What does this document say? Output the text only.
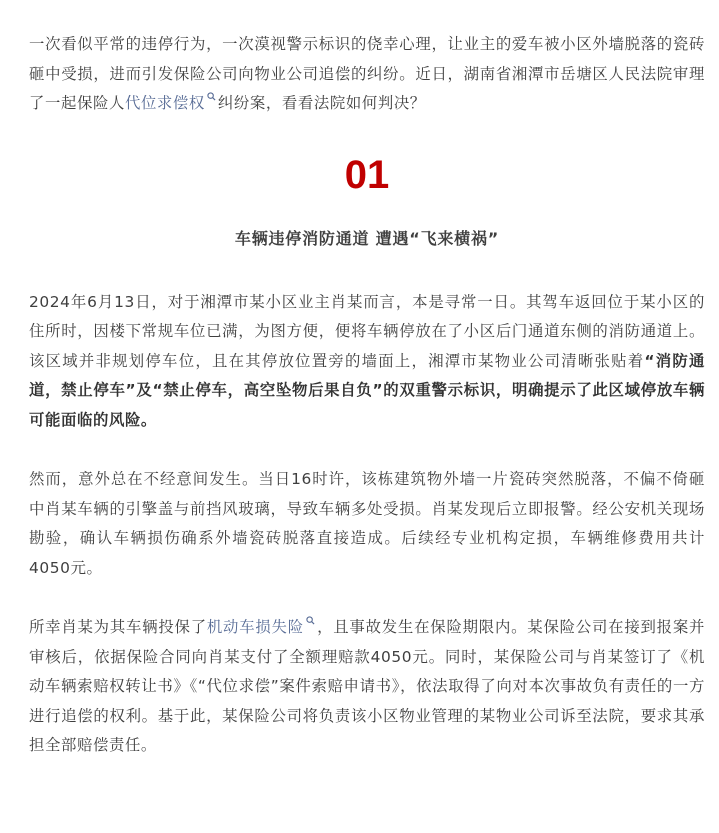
一次看似平常的违停行为，一次漠视警示标识的侥幸心理，让业主的爱车被小区外墙脱落的瓷砖砸中受损，进而引发保险公司向物业公司追偿的纠纷。近日，湖南省湘潭市岳塘区人民法院审理了一起保险人代位求偿权 纠纷案，看看法院如何判决？

01
车辆违停消防通道 遭遇“飞来横祸”

2024年6月13日，对于湘潭市某小区业主肖某而言，本是寻常一日。其驾车返回位于某小区的住所时，因楼下常规车位已满，为图方便，便将车辆停放在了小区后门通道东侧的消防通道上。该区域并非规划停车位，且在其停放位置旁的墙面上，湘潭市某物业公司清晰张贴着“消防通道，禁止停车”及“禁止停车，高空坠物后果自负”的双重警示标识，明确提示了此区域停放车辆可能面临的风险。

然而，意外总在不经意间发生。当日16时许，该栋建筑物外墙一片瓷砖突然脱落，不偏不倚砸中肖某车辆的引擎盖与前挡风玻璃，导致车辆多处受损。肖某发现后立即报警。经公安机关现场勘验，确认车辆损伤确系外墙瓷砖脱落直接造成。后续经专业机构定损，车辆维修费用共计4050元。

所幸肖某为其车辆投保了机动车损失险 ，且事故发生在保险期限内。某保险公司在接到报案并审核后，依据保险合同向肖某支付了全额理赔款4050元。同时，某保险公司与肖某签订了《机动车辆索赔权转让书》《“代位求偿”案件索赔申请书》，依法取得了向对本次事故负有责任的一方进行追偿的权利。基于此，某保险公司将负责该小区物业管理的某物业公司诉至法院，要求其承担全部赔偿责任。
